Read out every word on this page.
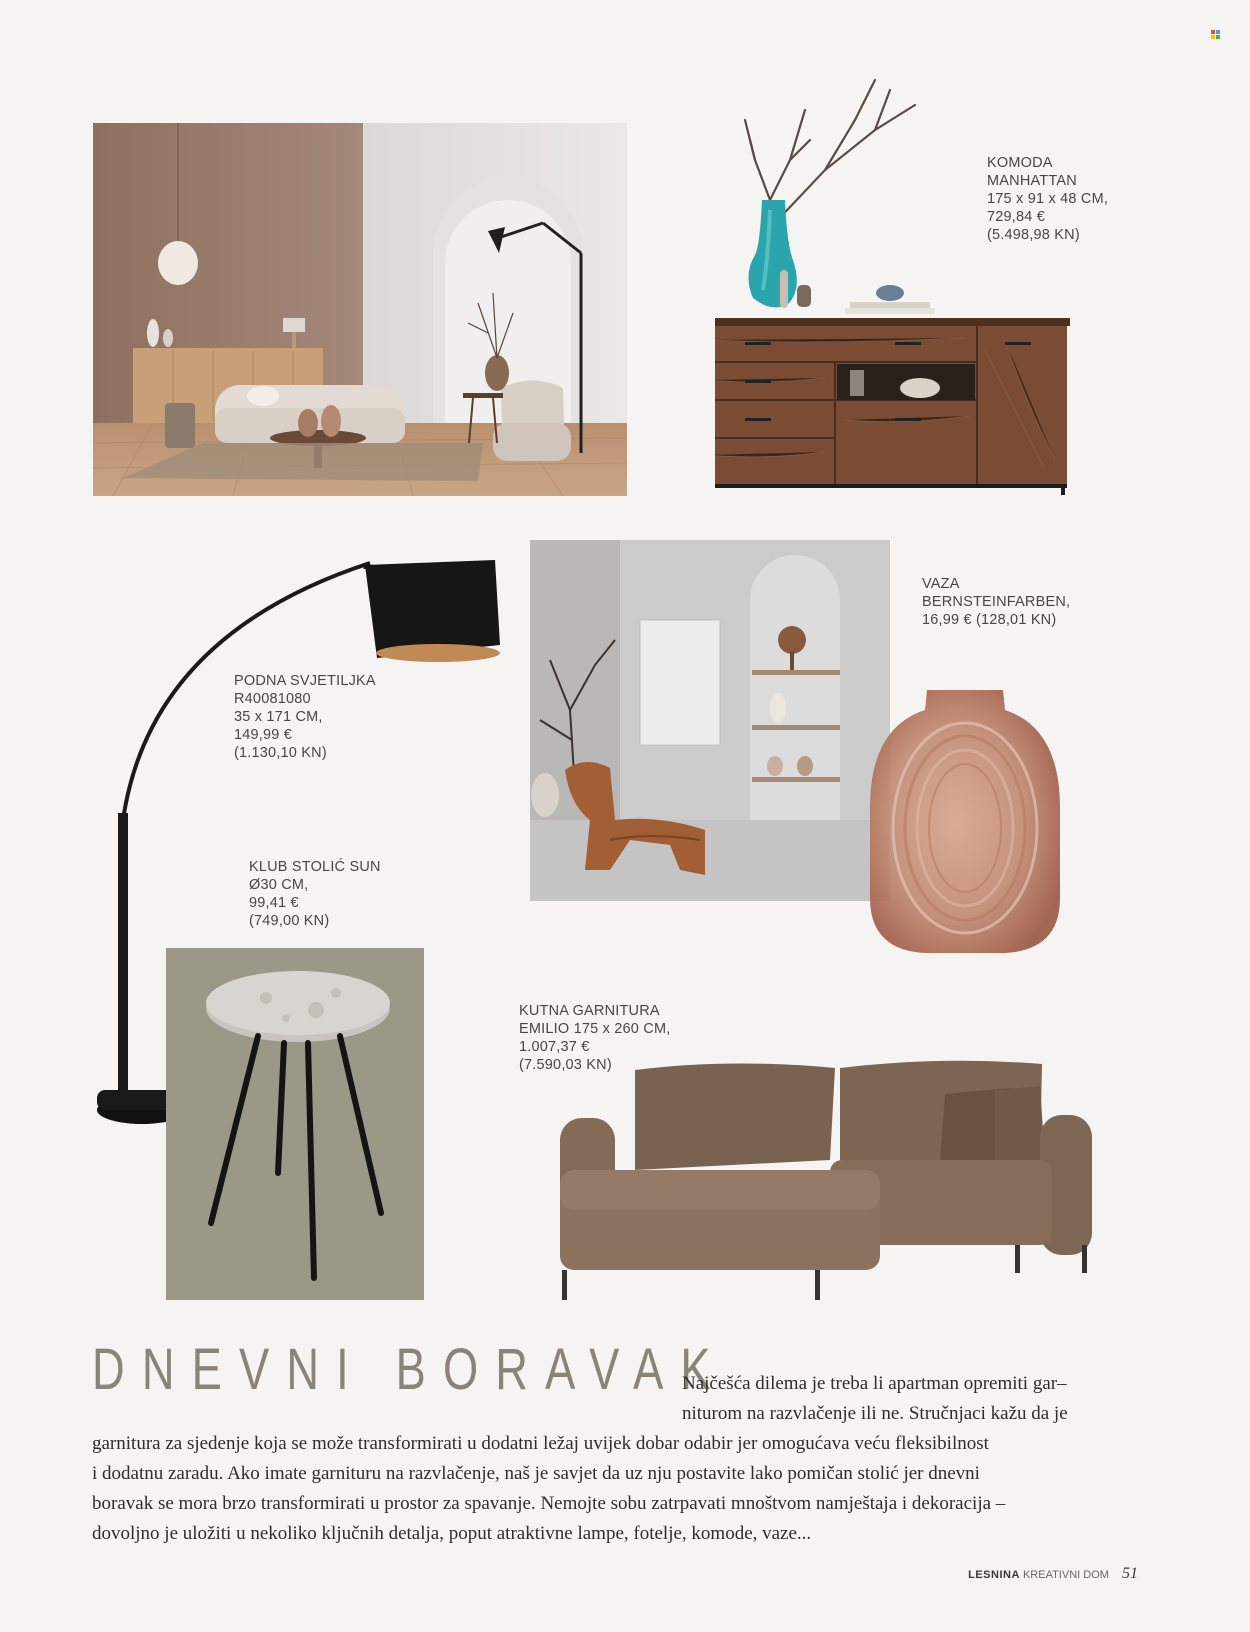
KOMODA
MANHATTAN
175 x 91 x 48 CM,
729,84 €
(5.498,98 KN)
PODNA SVJETILJKA
R40081080
35 x 171 CM,
149,99 €
(1.130,10 KN)
VAZA
BERNSTEINFARBEN,
16,99 € (128,01 KN)
KLUB STOLIĆ SUN
Ø30 CM,
99,41 €
(749,00 KN)
KUTNA GARNITURA
EMILIO 175 x 260 CM,
1.007,37 €
(7.590,03 KN)
DNEVNI BORAVAK
Najčešća dilema je treba li apartman opremiti gar–
niturom na razvlačenje ili ne. Stručnjaci kažu da je
garnitura za sjedenje koja se može transformirati u dodatni ležaj uvijek dobar odabir jer omogućava veću fleksibilnost
i dodatnu zaradu. Ako imate garnituru na razvlačenje, naš je savjet da uz nju postavite lako pomičan stolić jer dnevni
boravak se mora brzo transformirati u prostor za spavanje. Nemojte sobu zatrpavati mnoštvom namještaja i dekoracija –
dovoljno je uložiti u nekoliko ključnih detalja, poput atraktivne lampe, fotelje, komode, vaze...
LESNINA KREATIVNI DOM 51
